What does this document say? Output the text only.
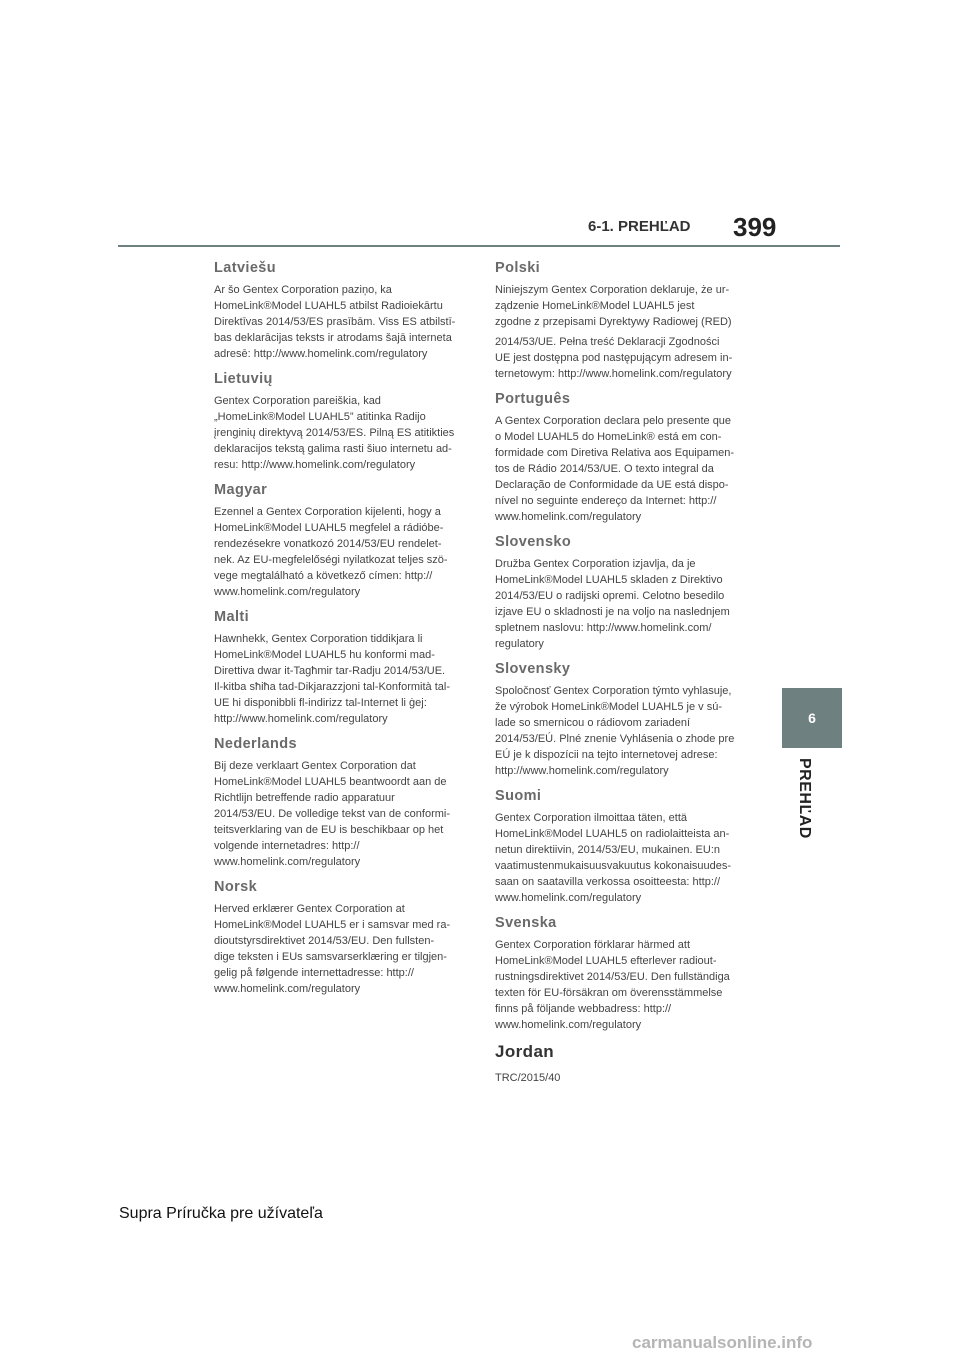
6-1. PREHĽAD 399
6
PREHĽAD
Latviešu

Ar šo Gentex Corporation paziņo, ka
HomeLink®Model LUAHL5 atbilst Radioiekārtu
Direktīvas 2014/53/ES prasībām. Viss ES atbilstī-
bas deklarācijas teksts ir atrodams šajā interneta
adresē: http://www.homelink.com/regulatory

Lietuvių

Gentex Corporation pareiškia, kad
„HomeLink®Model LUAHL5” atitinka Radijo
įrenginių direktyvą 2014/53/ES. Pilną ES atitikties
deklaracijos tekstą galima rasti šiuo internetu ad-
resu: http://www.homelink.com/regulatory

Magyar

Ezennel a Gentex Corporation kijelenti, hogy a
HomeLink®Model LUAHL5 megfelel a rádióbe-
rendezésekre vonatkozó 2014/53/EU rendelet-
nek. Az EU-megfelelőségi nyilatkozat teljes szö-
vege megtalálható a következő címen: http://
www.homelink.com/regulatory

Malti

Hawnhekk, Gentex Corporation tiddikjara li
HomeLink®Model LUAHL5 hu konformi mad-
Direttiva dwar it-Tagħmir tar-Radju 2014/53/UE.
Il-kitba sħiħa tad-Dikjarazzjoni tal-Konformità tal-
UE hi disponibbli fl-indirizz tal-Internet li ġej:
http://www.homelink.com/regulatory

Nederlands

Bij deze verklaart Gentex Corporation dat
HomeLink®Model LUAHL5 beantwoordt aan de
Richtlijn betreffende radio apparatuur
2014/53/EU. De volledige tekst van de conformi-
teitsverklaring van de EU is beschikbaar op het
volgende internetadres: http://
www.homelink.com/regulatory

Norsk

Herved erklærer Gentex Corporation at
HomeLink®Model LUAHL5 er i samsvar med ra-
dioutstyrsdirektivet 2014/53/EU. Den fullsten-
dige teksten i EUs samsvarserklæring er tilgjen-
gelig på følgende internettadresse: http://
www.homelink.com/regulatory

Polski

Niniejszym Gentex Corporation deklaruje, że ur-
ządzenie HomeLink®Model LUAHL5 jest
zgodne z przepisami Dyrektywy Radiowej (RED)

2014/53/UE. Pełna treść Deklaracji Zgodności
UE jest dostępna pod następującym adresem in-
ternetowym: http://www.homelink.com/regulatory

Português

A Gentex Corporation declara pelo presente que
o Model LUAHL5 do HomeLink® está em con-
formidade com Diretiva Relativa aos Equipamen-
tos de Rádio 2014/53/UE. O texto integral da
Declaração de Conformidade da UE está dispo-
nível no seguinte endereço da Internet: http://
www.homelink.com/regulatory

Slovensko

Družba Gentex Corporation izjavlja, da je
HomeLink®Model LUAHL5 skladen z Direktivo
2014/53/EU o radijski opremi. Celotno besedilo
izjave EU o skladnosti je na voljo na naslednjem
spletnem naslovu: http://www.homelink.com/
regulatory

Slovensky

Spoločnosť Gentex Corporation týmto vyhlasuje,
že výrobok HomeLink®Model LUAHL5 je v sú-
lade so smernicou o rádiovom zariadení
2014/53/EÚ. Plné znenie Vyhlásenia o zhode pre
EÚ je k dispozícii na tejto internetovej adrese:
http://www.homelink.com/regulatory

Suomi

Gentex Corporation ilmoittaa täten, että
HomeLink®Model LUAHL5 on radiolaitteista an-
netun direktiivin, 2014/53/EU, mukainen. EU:n
vaatimustenmukaisuusvakuutus kokonaisuudes-
saan on saatavilla verkossa osoitteesta: http://
www.homelink.com/regulatory

Svenska

Gentex Corporation förklarar härmed att
HomeLink®Model LUAHL5 efterlever radiout-
rustningsdirektivet 2014/53/EU. Den fullständiga
texten för EU-försäkran om överensstämmelse
finns på följande webbadress: http://
www.homelink.com/regulatory

Jordan

TRC/2015/40

Supra Príručka pre užívateľa
carmanualsonline.info
